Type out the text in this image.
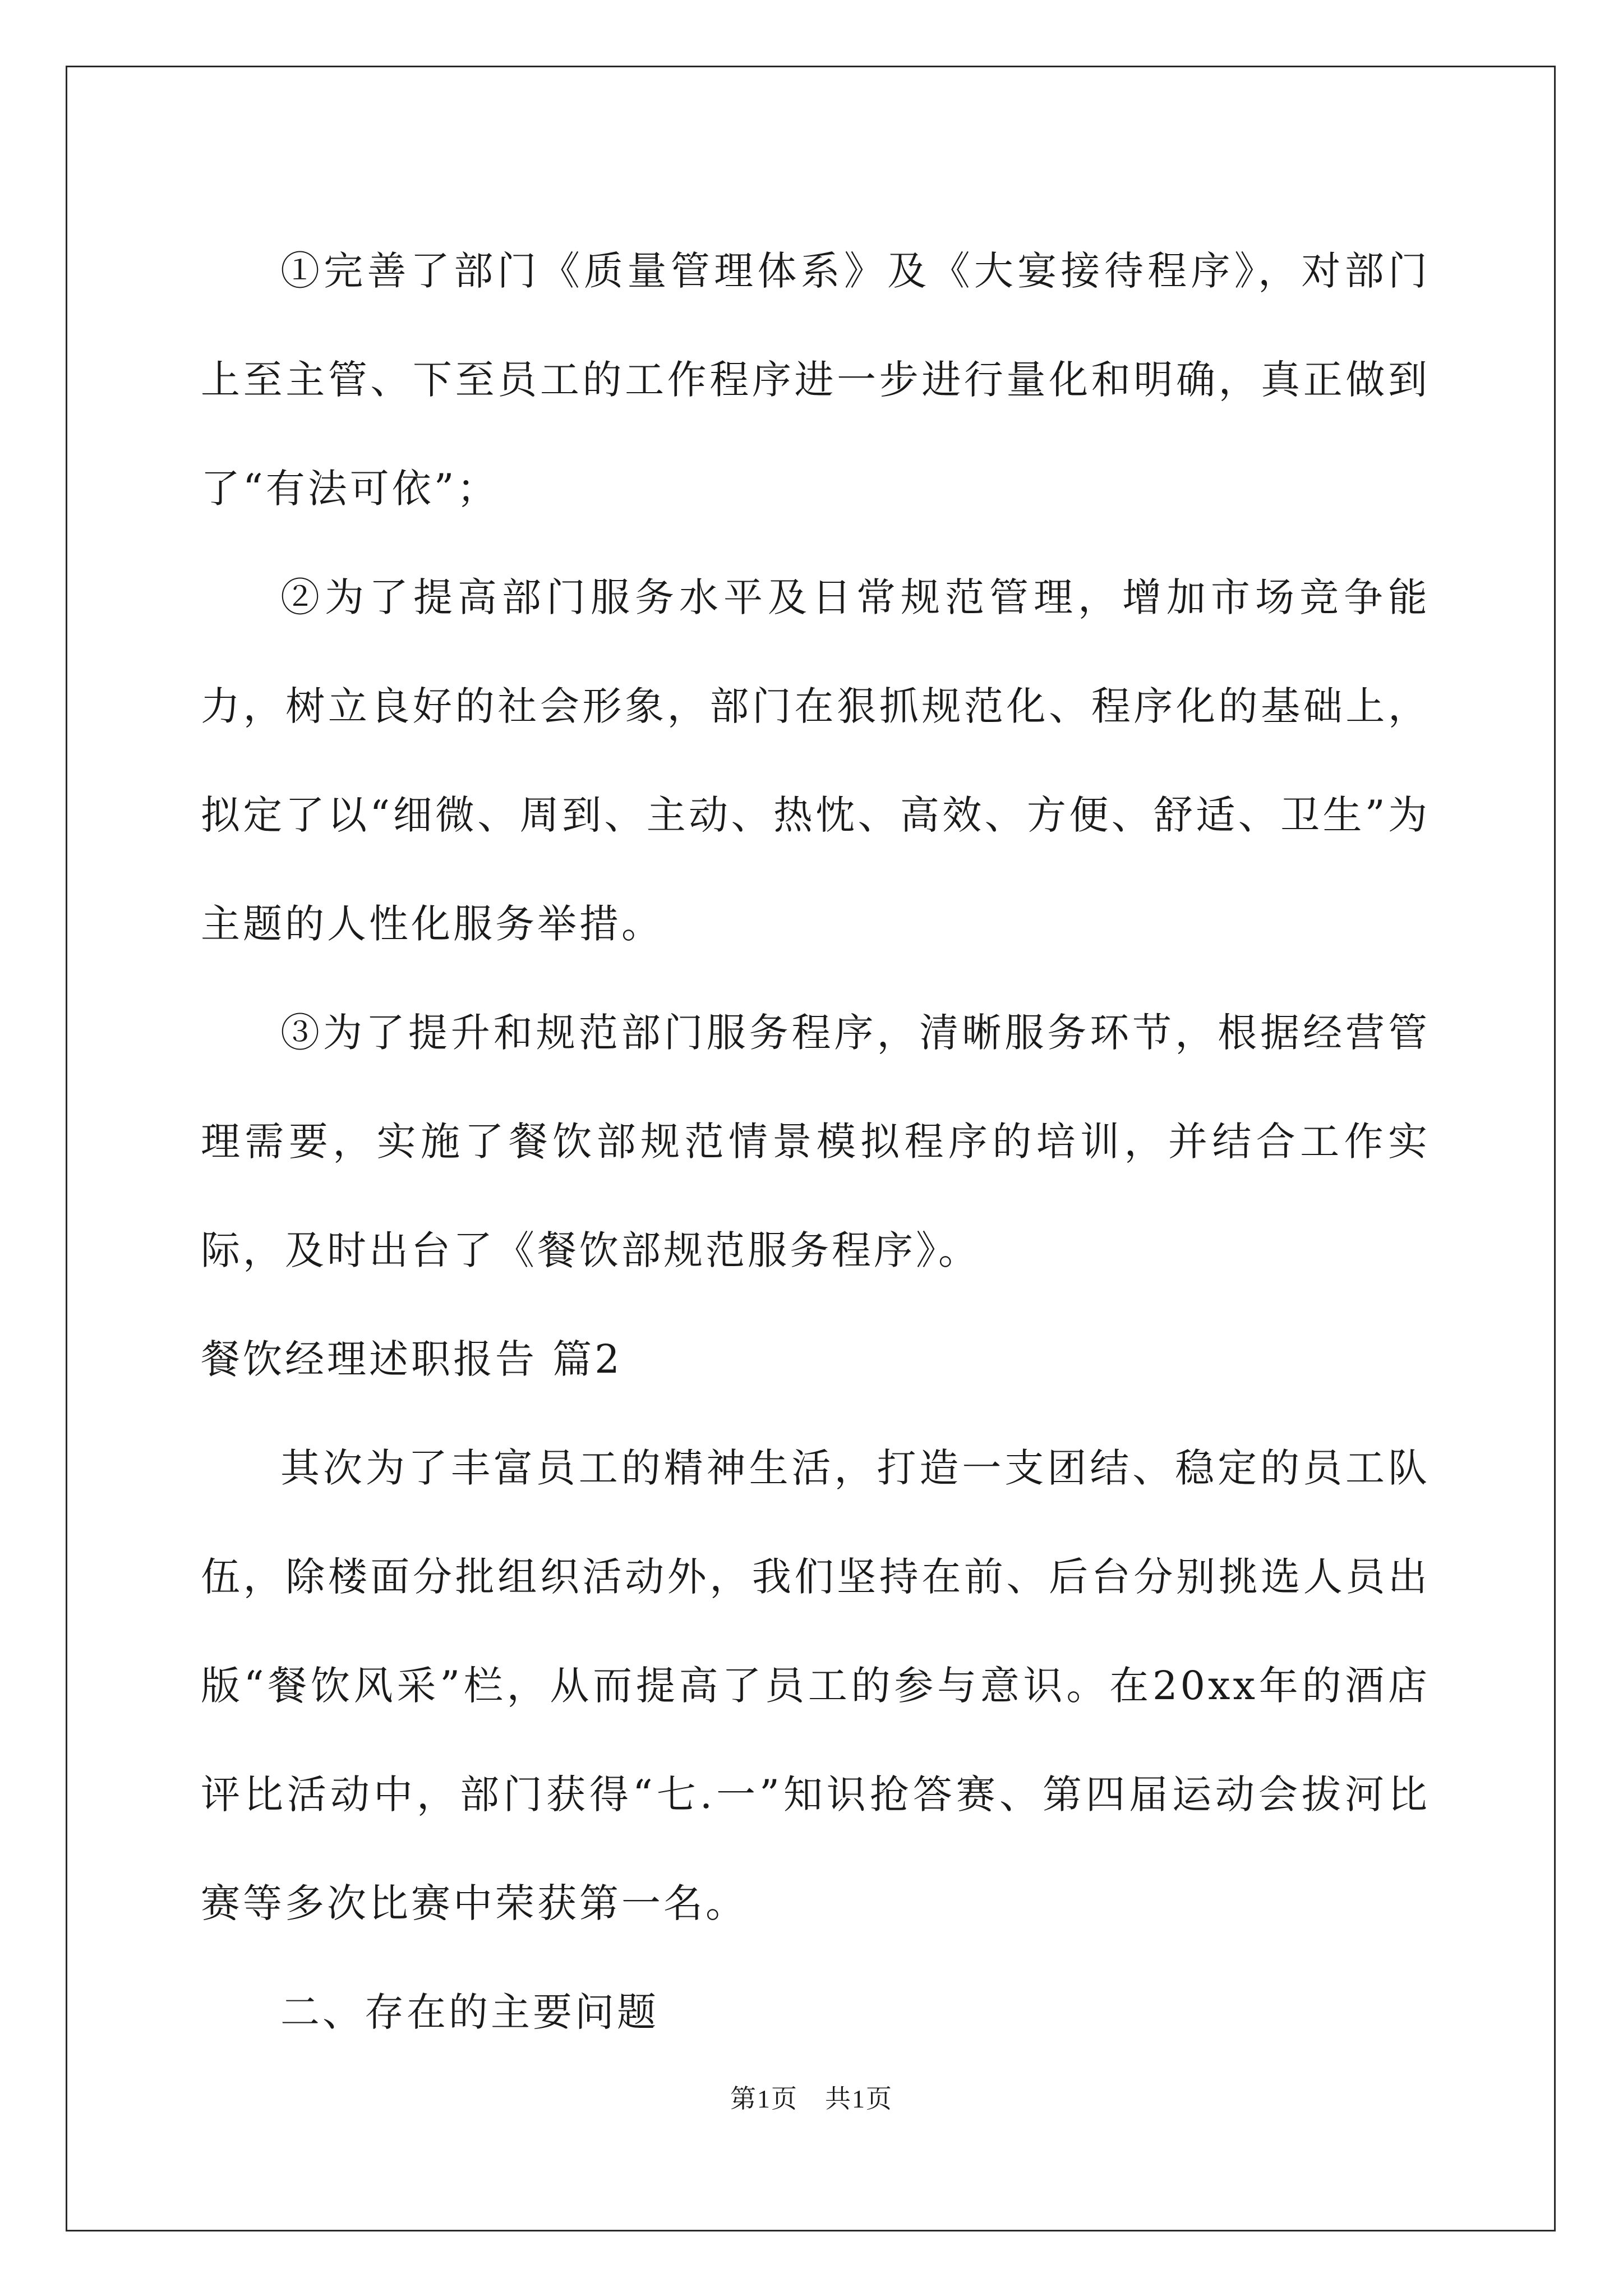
①完善了部门《质量管理体系》及《大宴接待程序》，对部门上至主管、下至员工的工作程序进一步进行量化和明确，真正做到了“有法可依”；

②为了提高部门服务水平及日常规范管理，增加市场竞争能力，树立良好的社会形象，部门在狠抓规范化、程序化的基础上，拟定了以“细微、周到、主动、热忱、高效、方便、舒适、卫生”为主题的人性化服务举措。

③为了提升和规范部门服务程序，清晰服务环节，根据经营管理需要，实施了餐饮部规范情景模拟程序的培训，并结合工作实际，及时出台了《餐饮部规范服务程序》。

餐饮经理述职报告 篇2

其次为了丰富员工的精神生活，打造一支团结、稳定的员工队伍，除楼面分批组织活动外，我们坚持在前、后台分别挑选人员出版“餐饮风采”栏，从而提高了员工的参与意识。在20xx年的酒店评比活动中，部门获得“七.一”知识抢答赛、第四届运动会拔河比赛等多次比赛中荣获第一名。

二、存在的主要问题

第1页 共1页
